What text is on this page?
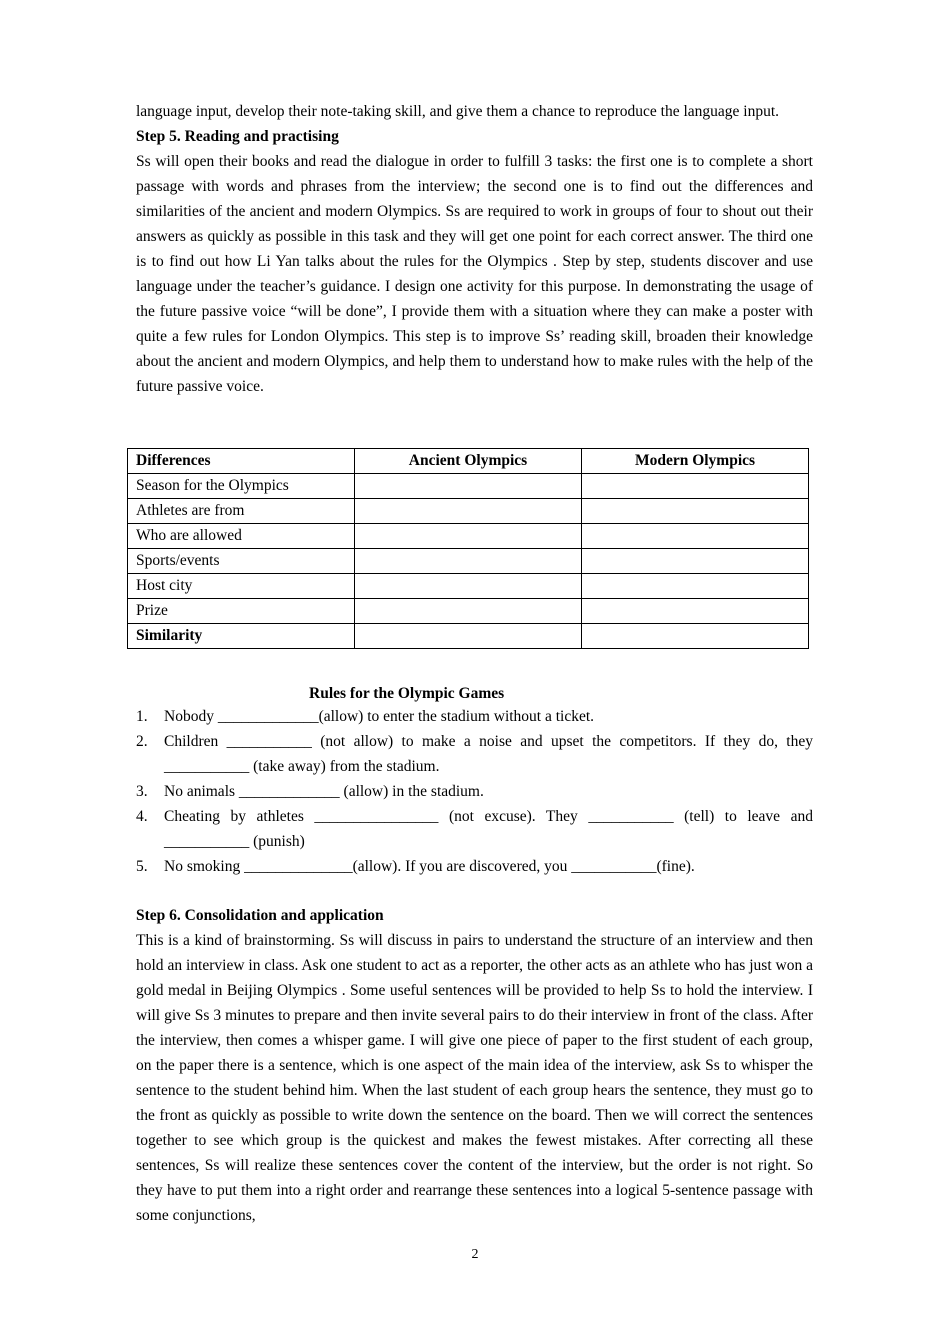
language input, develop their note-taking skill, and give them a chance to reproduce the language input.

Step 5. Reading and practising

Ss will open their books and read the dialogue in order to fulfill 3 tasks: the first one is to complete a short passage with words and phrases from the interview; the second one is to find out the differences and similarities of the ancient and modern Olympics. Ss are required to work in groups of four to shout out their answers as quickly as possible in this task and they will get one point for each correct answer. The third one is to find out how Li Yan talks about the rules for the Olympics . Step by step, students discover and use language under the teacher’s guidance. I design one activity for this purpose. In demonstrating the usage of the future passive voice “will be done”, I provide them with a situation where they can make a poster with quite a few rules for London Olympics. This step is to improve Ss’ reading skill, broaden their knowledge about the ancient and modern Olympics, and help them to understand how to make rules with the help of the future passive voice.

Differences	Ancient Olympics	Modern Olympics
Season for the Olympics		
Athletes are from		
Who are allowed		
Sports/events		
Host city		
Prize		
Similarity		
Rules for the Olympic Games
1.	Nobody _____________(allow) to enter the stadium without a ticket.
2.	Children ___________ (not allow) to make a noise and upset the competitors. If they do, they ___________ (take away) from the stadium.
3.	No animals _____________ (allow) in the stadium.
4.	Cheating by athletes ________________ (not excuse). They ___________ (tell) to leave and ___________ (punish)
5.	No smoking ______________(allow). If you are discovered, you ___________(fine).
Step 6. Consolidation and application

This is a kind of brainstorming. Ss will discuss in pairs to understand the structure of an interview and then hold an interview in class. Ask one student to act as a reporter, the other acts as an athlete who has just won a gold medal in Beijing Olympics . Some useful sentences will be provided to help Ss to hold the interview. I will give Ss 3 minutes to prepare and then invite several pairs to do their interview in front of the class. After the interview, then comes a whisper game. I will give one piece of paper to the first student of each group, on the paper there is a sentence, which is one aspect of the main idea of the interview, ask Ss to whisper the sentence to the student behind him. When the last student of each group hears the sentence, they must go to the front as quickly as possible to write down the sentence on the board. Then we will correct the sentences together to see which group is the quickest and makes the fewest mistakes. After correcting all these sentences, Ss will realize these sentences cover the content of the interview, but the order is not right. So they have to put them into a right order and rearrange these sentences into a logical 5-sentence passage with some conjunctions,

2
